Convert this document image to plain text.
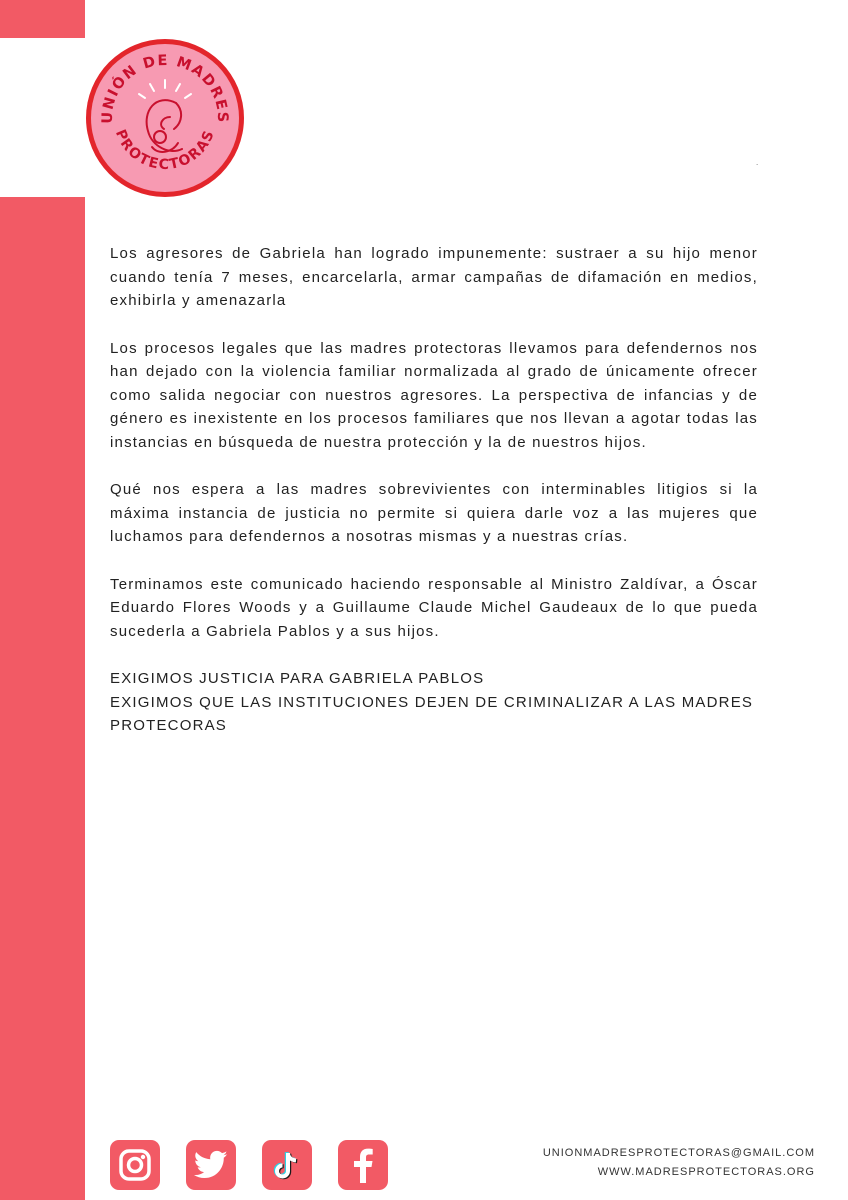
UNIÓN DE MADRES
PROTECTORAS
.

Los agresores de Gabriela han logrado impunemente: sustraer a su hijo menor cuando tenía 7 meses, encarcelarla, armar campañas de difamación en medios, exhibirla y amenazarla

Los procesos legales que las madres protectoras llevamos para defendernos nos han dejado con la violencia familiar normalizada al grado de únicamente ofrecer como salida negociar con nuestros agresores. La perspectiva de infancias y de género es inexistente en los procesos familiares que nos llevan a agotar todas las instancias en búsqueda de nuestra protección y la de nuestros hijos.

Qué nos espera a las madres sobrevivientes con interminables litigios si la máxima instancia de justicia no permite si quiera darle voz a las mujeres que luchamos para defendernos a nosotras mismas y a nuestras crías.

Terminamos este comunicado haciendo responsable al Ministro Zaldívar, a Óscar Eduardo Flores Woods y a Guillaume Claude Michel Gaudeaux de lo que pueda sucederla a Gabriela Pablos y a sus hijos.

EXIGIMOS JUSTICIA PARA GABRIELA PABLOS

EXIGIMOS QUE LAS INSTITUCIONES DEJEN DE CRIMINALIZAR A LAS MADRES PROTECORAS

UNIONMADRESPROTECTORAS@GMAIL.COM
WWW.MADRESPROTECTORAS.ORG
